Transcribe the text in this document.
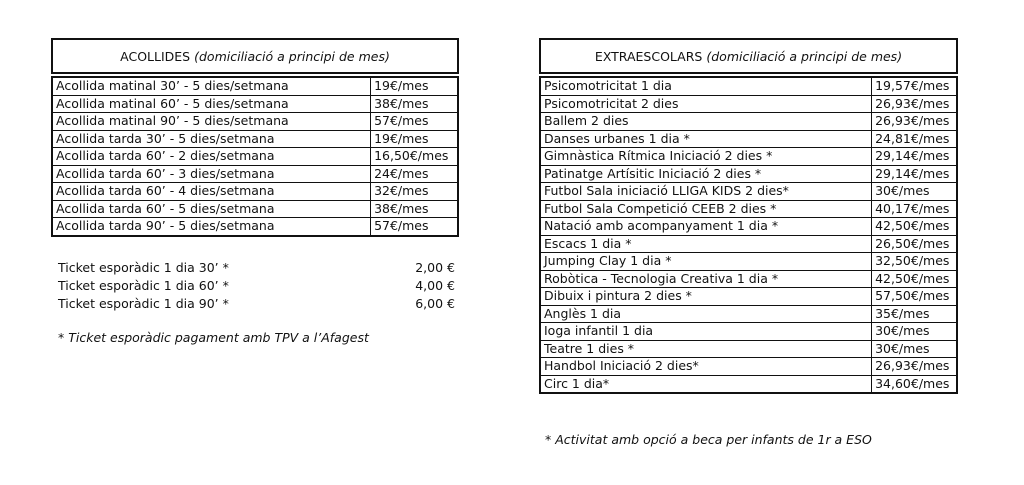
ACOLLIDES (domiciliació a principi de mes)
Acollida matinal 30’ - 5 dies/setmana	19€/mes
Acollida matinal 60’ - 5 dies/setmana	38€/mes
Acollida matinal 90’ - 5 dies/setmana	57€/mes
Acollida tarda 30’ - 5 dies/setmana	19€/mes
Acollida tarda 60’ - 2 dies/setmana	16,50€/mes
Acollida tarda 60’ - 3 dies/setmana	24€/mes
Acollida tarda 60’ - 4 dies/setmana	32€/mes
Acollida tarda 60’ - 5 dies/setmana	38€/mes
Acollida tarda 90’ - 5 dies/setmana	57€/mes
Ticket esporàdic 1 dia 30’ *	2,00 €
Ticket esporàdic 1 dia 60’ *	4,00 €
Ticket esporàdic 1 dia 90’ *	6,00 €
* Ticket esporàdic pagament amb TPV a l’Afagest
EXTRAESCOLARS (domiciliació a principi de mes)
Psicomotricitat 1 dia	19,57€/mes
Psicomotricitat 2 dies	26,93€/mes
Ballem 2 dies	26,93€/mes
Danses urbanes 1 dia *	24,81€/mes
Gimnàstica Rítmica Iniciació 2 dies *	29,14€/mes
Patinatge Artísitic Iniciació 2 dies *	29,14€/mes
Futbol Sala iniciació LLIGA KIDS 2 dies*	30€/mes
Futbol Sala Competició CEEB 2 dies *	40,17€/mes
Natació amb acompanyament 1 dia *	42,50€/mes
Escacs 1 dia *	26,50€/mes
Jumping Clay 1 dia *	32,50€/mes
Robòtica - Tecnologia Creativa 1 dia *	42,50€/mes
Dibuix i pintura 2 dies *	57,50€/mes
Anglès 1 dia	35€/mes
Ioga infantil 1 dia	30€/mes
Teatre 1 dies *	30€/mes
Handbol Iniciació 2 dies*	26,93€/mes
Circ 1 dia*	34,60€/mes
* Activitat amb opció a beca per infants de 1r a ESO
